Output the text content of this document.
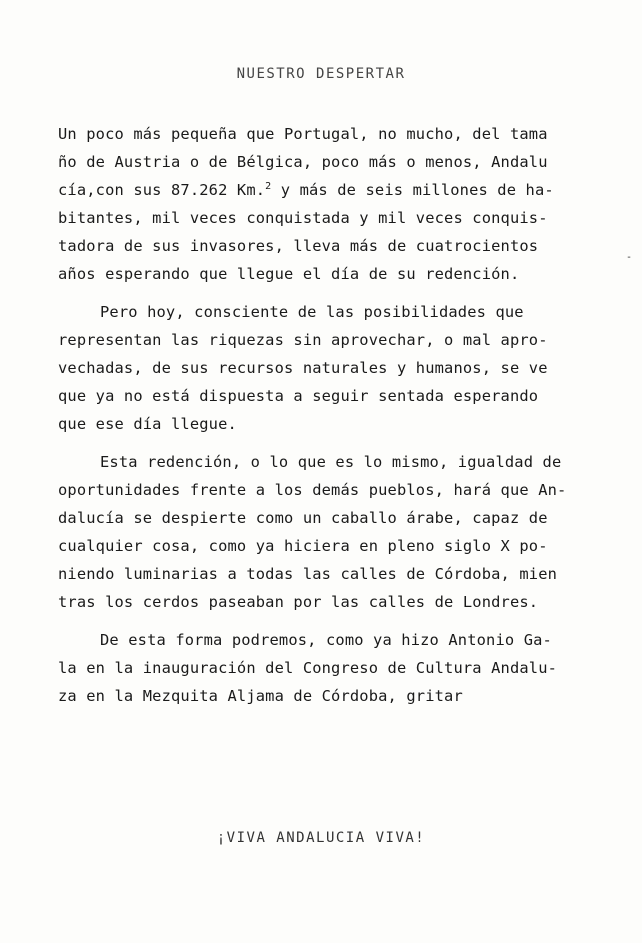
NUESTRO DESPERTAR
Un poco más pequeña que Portugal, no mucho, del tama
ño de Austria o de Bélgica, poco más o menos, Andalu
cía,con sus 87.262 Km.$^2$ y más de seis millones de ha-
bitantes, mil veces conquistada y mil veces conquis-
tadora de sus invasores, lleva más de cuatrocientos
años esperando que llegue el día de su redención.
Pero hoy, consciente de las posibilidades que
representan las riquezas sin aprovechar, o mal apro-
vechadas, de sus recursos naturales y humanos, se ve
que ya no está dispuesta a seguir sentada esperando
que ese día llegue.
Esta redención, o lo que es lo mismo, igualdad de
oportunidades frente a los demás pueblos, hará que An-
dalucía se despierte como un caballo árabe, capaz de
cualquier cosa, como ya hiciera en pleno siglo X po-
niendo luminarias a todas las calles de Córdoba, mien
tras los cerdos paseaban por las calles de Londres.
De esta forma podremos, como ya hizo Antonio Ga-
la en la inauguración del Congreso de Cultura Andalu-
za en la Mezquita Aljama de Córdoba, gritar
¡VIVA ANDALUCIA VIVA!
-
